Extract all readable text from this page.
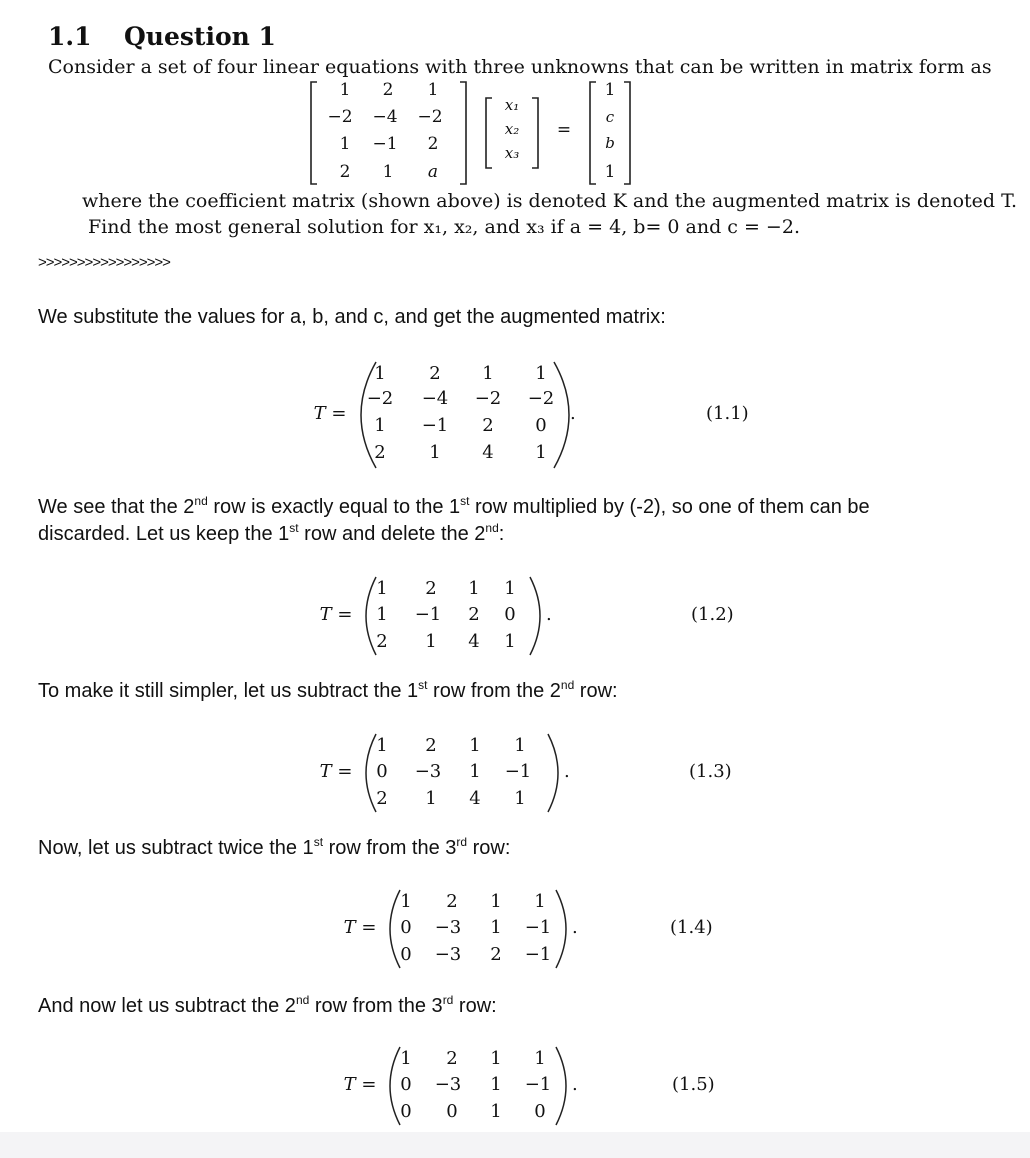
1.1 Question 1
Consider a set of four linear equations with three unknowns that can be written in matrix form as
1 2 1
−2 −4 −2
1 −1 2
2 1 a
x₁
x₂
x₃
=
1
c
b
1
where the coefficient matrix (shown above) is denoted K and the augmented matrix is denoted T.
Find the most general solution for x₁, x₂, and x₃ if a = 4, b= 0 and c = −2.
>>>>>>>>>>>>>>>>>
We substitute the values for a, b, and c, and get the augmented matrix:
T =
1 2 1 1
−2 −4 −2 −2
1 −1 2 0
2 1 4 1
.	(1.1)
We see that the 2nd row is exactly equal to the 1st row multiplied by (-2), so one of them can be
discarded. Let us keep the 1st row and delete the 2nd:
T =
1 2 1 1
1 −1 2 0
2 1 4 1
.	(1.2)
To make it still simpler, let us subtract the 1st row from the 2nd row:
T =
1 2 1 1
0 −3 1 −1
2 1 4 1
.	(1.3)
Now, let us subtract twice the 1st row from the 3rd row:
T =
1 2 1 1
0 −3 1 −1
0 −3 2 −1
.	(1.4)
And now let us subtract the 2nd row from the 3rd row:
T =
1 2 1 1
0 −3 1 −1
0 0 1 0
.	(1.5)
